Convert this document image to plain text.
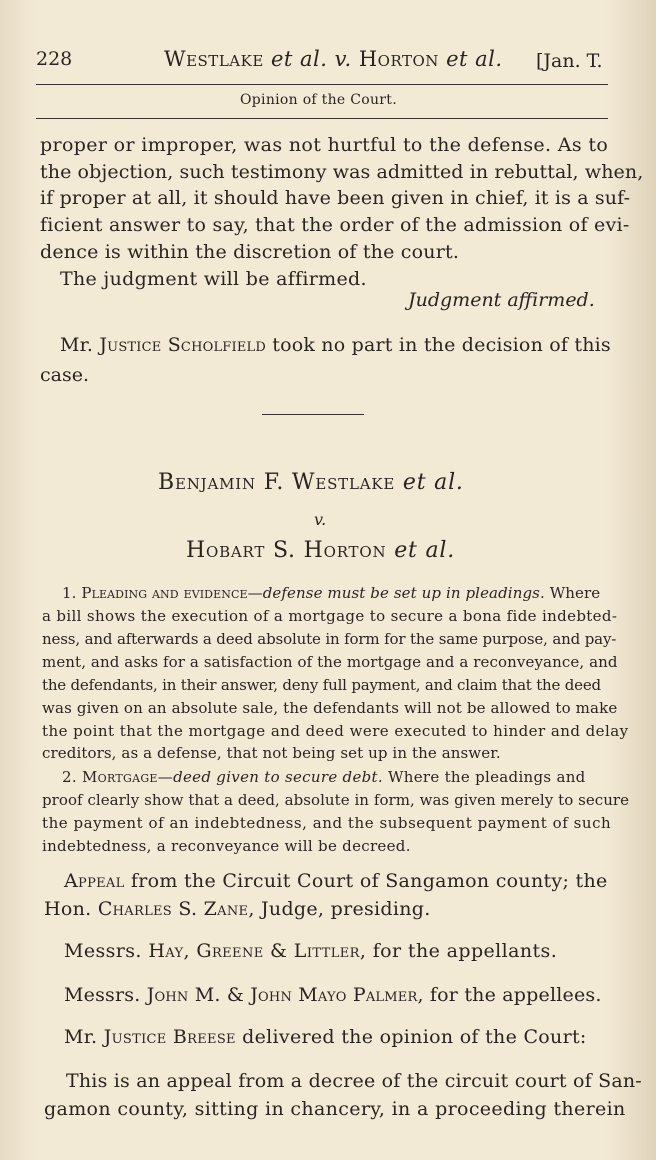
228	Westlake et al. v. Horton et al. [Jan. T.
Opinion of the Court.
proper or improper, was not hurtful to the defense. As to
the objection, such testimony was admitted in rebuttal, when,
if proper at all, it should have been given in chief, it is a suf-
ficient answer to say, that the order of the admission of evi-
dence is within the discretion of the court.
The judgment will be affirmed.
Judgment affirmed.
Mr. Justice Scholfield took no part in the decision of this
case.
Benjamin F. Westlake et al.
v.
Hobart S. Horton et al.
1. Pleading and evidence—defense must be set up in pleadings. Where
a bill shows the execution of a mortgage to secure a bona fide indebted-
ness, and afterwards a deed absolute in form for the same purpose, and pay-
ment, and asks for a satisfaction of the mortgage and a reconveyance, and
the defendants, in their answer, deny full payment, and claim that the deed
was given on an absolute sale, the defendants will not be allowed to make
the point that the mortgage and deed were executed to hinder and delay
creditors, as a defense, that not being set up in the answer.
2. Mortgage—deed given to secure debt. Where the pleadings and
proof clearly show that a deed, absolute in form, was given merely to secure
the payment of an indebtedness, and the subsequent payment of such
indebtedness, a reconveyance will be decreed.
Appeal from the Circuit Court of Sangamon county; the
Hon. Charles S. Zane, Judge, presiding.
Messrs. Hay, Greene & Littler, for the appellants.
Messrs. John M. & John Mayo Palmer, for the appellees.
Mr. Justice Breese delivered the opinion of the Court:
This is an appeal from a decree of the circuit court of San-
gamon county, sitting in chancery, in a proceeding therein
